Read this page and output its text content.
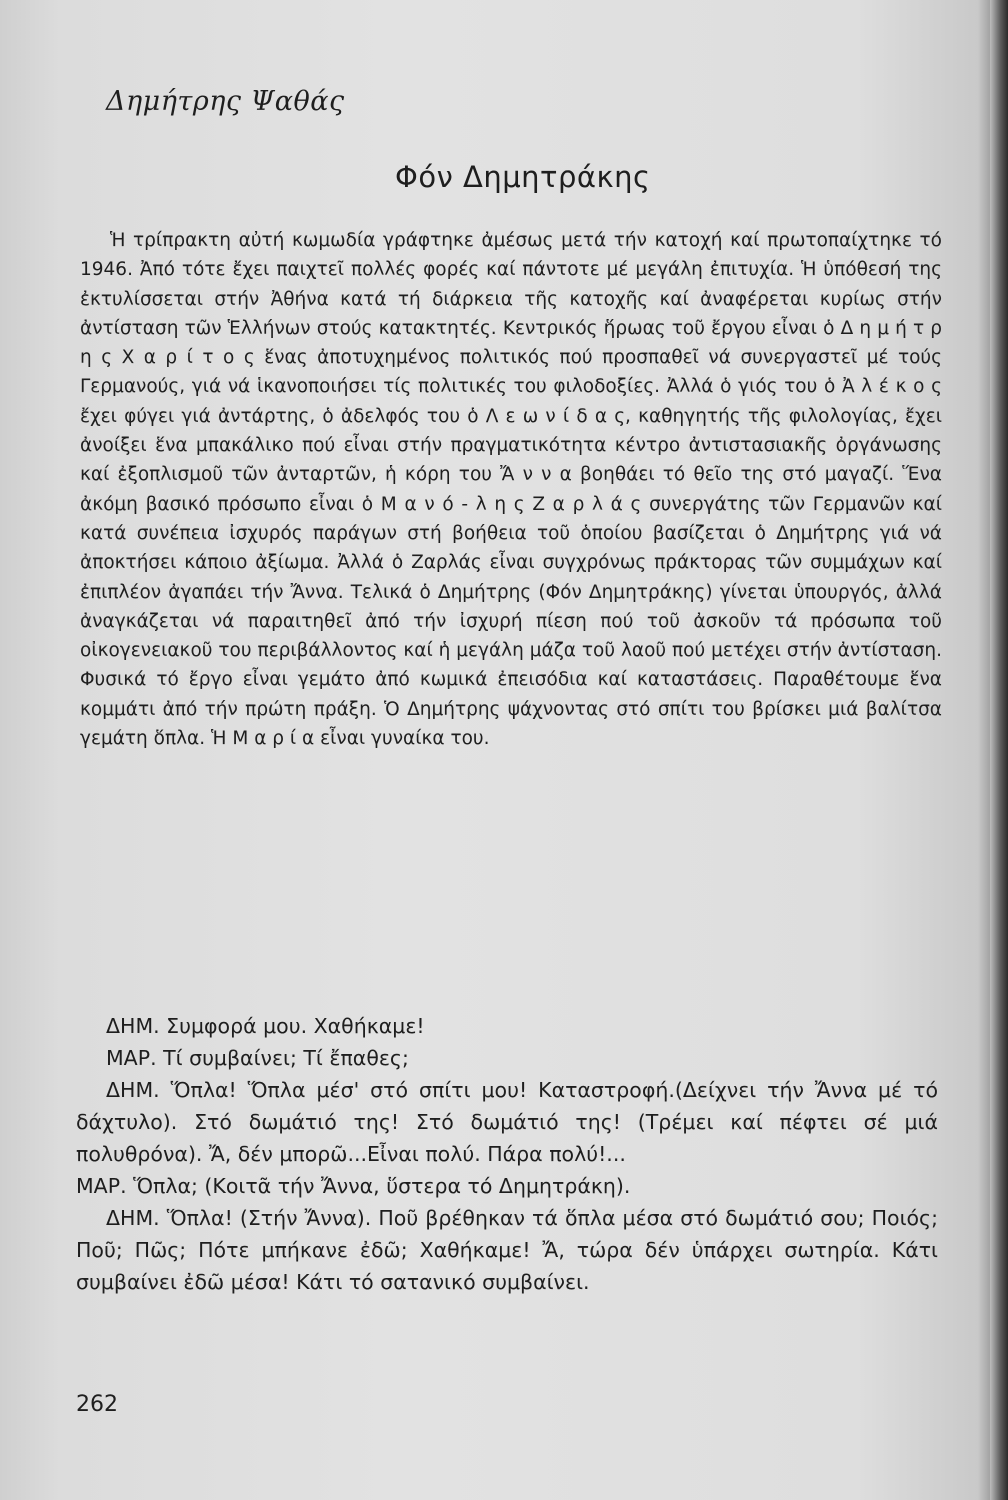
Δημήτρης Ψαθάς
Φόν Δημητράκης

Ἡ τρίπρακτη αὐτή κωμωδία γράφτηκε ἀμέσως μετά τήν κατοχή καί πρωτοπαίχτηκε τό 1946. Ἀπό τότε ἔχει παιχτεῖ πολλές φορές καί πάντοτε μέ μεγάλη ἐπιτυχία. Ἡ ὑπόθεσή της ἐκτυλίσσεται στήν Ἀθήνα κατά τή διάρκεια τῆς κατοχῆς καί ἀναφέρεται κυρίως στήν ἀντίσταση τῶν Ἑλλήνων στούς κατακτητές. Κεντρικός ἥρωας τοῦ ἔργου εἶναι ὁ Δ η μ ή τ ρ η ς Χ α ρ ί τ ο ς ἕνας ἀποτυχημένος πολιτικός πού προσπαθεῖ νά συνεργαστεῖ μέ τούς Γερμανούς, γιά νά ἱκανοποιήσει τίς πολιτικές του φιλοδοξίες. Ἀλλά ὁ γιός του ὁ Ἀ λ έ κ ο ς ἔχει φύγει γιά ἀντάρτης, ὁ ἀδελφός του ὁ Λ ε ω ν ί δ α ς, καθηγητής τῆς φιλολογίας, ἔχει ἀνοίξει ἕνα μπακάλικο πού εἶναι στήν πραγματικότητα κέντρο ἀντιστασιακῆς ὀργάνωσης καί ἐξοπλισμοῦ τῶν ἀνταρτῶν, ἡ κόρη του Ἄ ν ν α βοηθάει τό θεῖο της στό μαγαζί. Ἕνα ἀκόμη βασικό πρόσωπο εἶναι ὁ Μ α ν ό - λ η ς Ζ α ρ λ ά ς συνεργάτης τῶν Γερμανῶν καί κατά συνέπεια ἰσχυρός παράγων στή βοήθεια τοῦ ὁποίου βασίζεται ὁ Δημήτρης γιά νά ἀποκτήσει κάποιο ἀξίωμα. Ἀλλά ὁ Ζαρλάς εἶναι συγχρόνως πράκτορας τῶν συμμάχων καί ἐπιπλέον ἀγαπάει τήν Ἄννα. Τελικά ὁ Δημήτρης (Φόν Δημητράκης) γίνεται ὑπουργός, ἀλλά ἀναγκάζεται νά παραιτηθεῖ ἀπό τήν ἰσχυρή πίεση πού τοῦ ἀσκοῦν τά πρόσωπα τοῦ οἰκογενειακοῦ του περιβάλλοντος καί ἡ μεγάλη μάζα τοῦ λαοῦ πού μετέχει στήν ἀντίσταση. Φυσικά τό ἔργο εἶναι γεμάτο ἀπό κωμικά ἐπεισόδια καί καταστάσεις. Παραθέτουμε ἕνα κομμάτι ἀπό τήν πρώτη πράξη. Ὁ Δημήτρης ψάχνοντας στό σπίτι του βρίσκει μιά βαλίτσα γεμάτη ὅπλα. Ἡ Μ α ρ ί α εἶναι γυναίκα του.

ΔΗΜ. Συμφορά μου. Χαθήκαμε!

ΜΑΡ. Τί συμβαίνει; Τί ἔπαθες;

ΔΗΜ. Ὅπλα! Ὅπλα μέσ' στό σπίτι μου! Καταστροφή.(Δείχνει τήν Ἄννα μέ τό δάχτυλο). Στό δωμάτιό της! Στό δωμάτιό της! (Τρέμει καί πέφτει σέ μιά πολυθρόνα). Ἄ, δέν μπορῶ...Εἶναι πολύ. Πάρα πολύ!...

ΜΑΡ. Ὅπλα; (Κοιτᾶ τήν Ἄννα, ὕστερα τό Δημητράκη).

ΔΗΜ. Ὅπλα! (Στήν Ἄννα). Ποῦ βρέθηκαν τά ὅπλα μέσα στό δωμάτιό σου; Ποιός; Ποῦ; Πῶς; Πότε μπήκανε ἐδῶ; Χαθήκαμε! Ἄ, τώρα δέν ὑπάρχει σωτηρία. Κάτι συμβαίνει ἐδῶ μέσα! Κάτι τό σατανικό συμβαίνει.

262
